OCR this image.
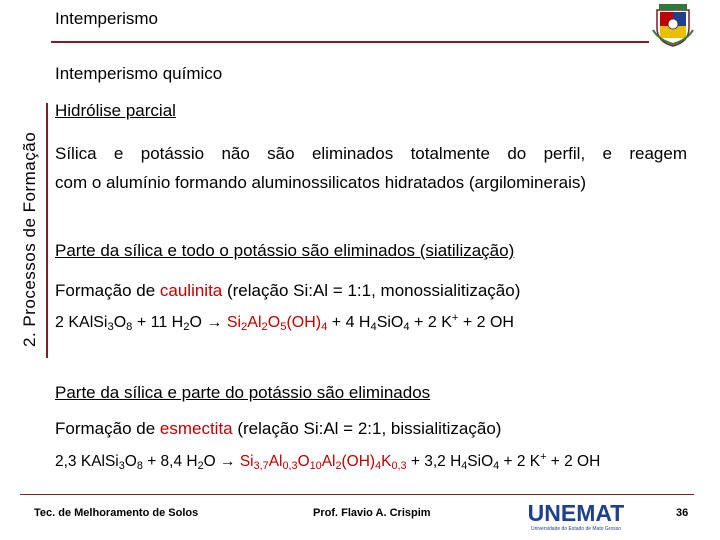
Intemperismo
2. Processos de Formação
Intemperismo químico
Hidrólise parcial
Sílica e potássio não são eliminados totalmente do perfil, e reagem
com o alumínio formando aluminossilicatos hidratados (argilominerais)
Parte da sílica e todo o potássio são eliminados (siatilização)
Formação de caulinita (relação Si:Al = 1:1, monossialitização)
2 $KAlSi_3O_8 + 11$ $H_2O \to Si_2Al_2O_5(OH)_4 + 4$ $H_4SiO_4 + 2$ K+ + 2 OH
Parte da sílica e parte do potássio são eliminados
Formação de esmectita (relação Si:Al = 2:1, bissialitização)
2,3 $KAlSi_3O_8 + 8,4$ $H_2O \to Si_{3,7}Al_{0,3}O_{10}Al_2(OH)_4K_{0,3} + 3,2$ $H_4SiO_4 + 2$ K+ + 2 OH
Tec. de Melhoramento de Solos	Prof. Flavio A. Crispim	UNEMAT
Universidade do Estado de Mato Grosso
36
